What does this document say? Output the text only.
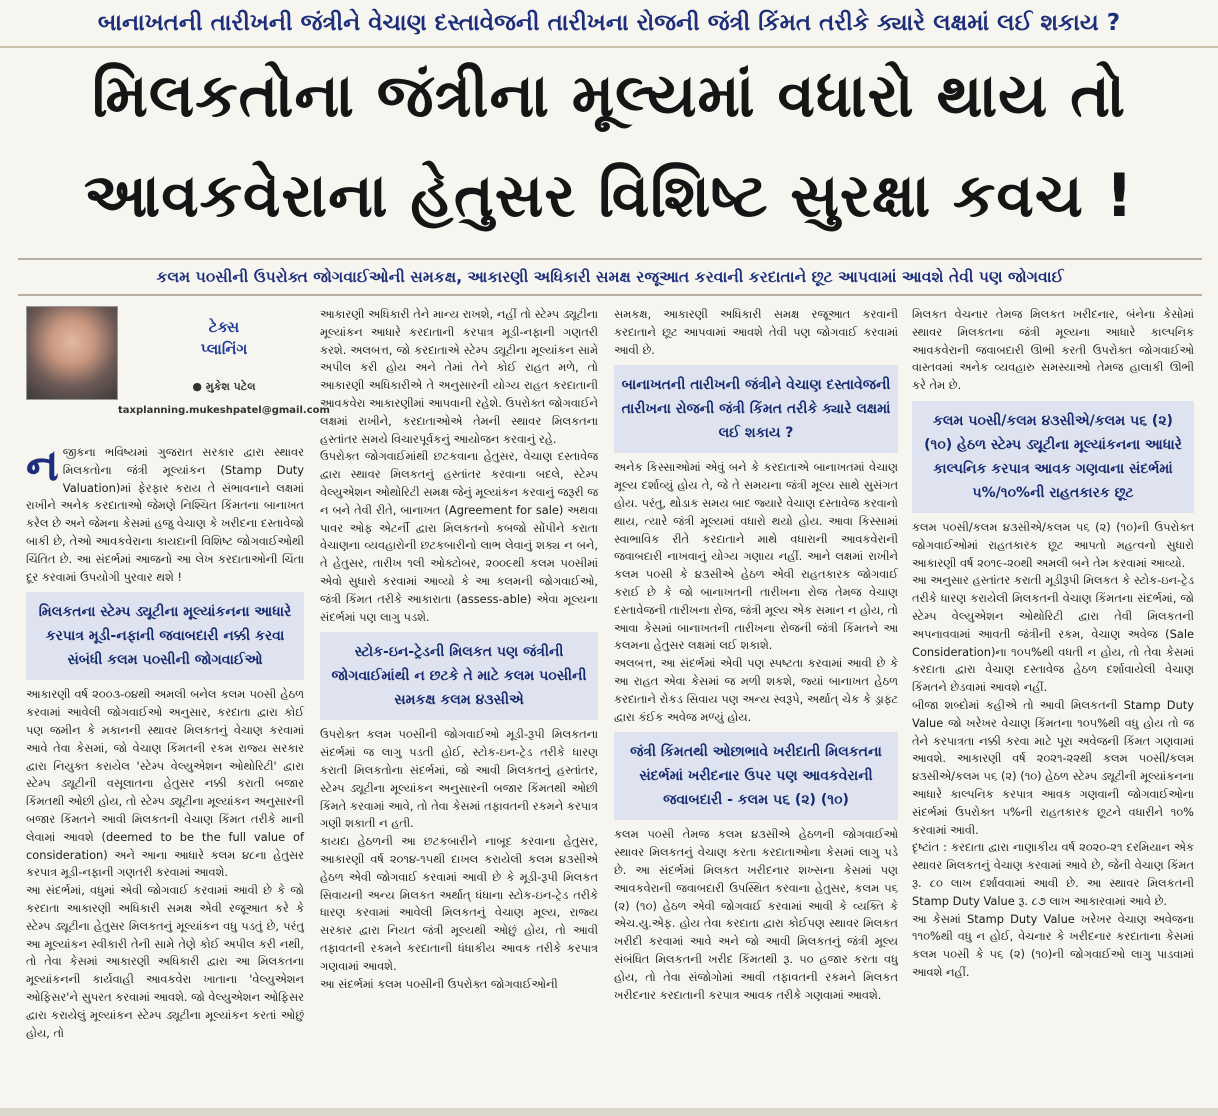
બાનાખતની તારીખની જંત્રીને વેચાણ દસ્તાવેજની તારીખના રોજની જંત્રી કિંમત તરીકે ક્યારે લક્ષમાં લઈ શકાય ?
મિલકતોના જંત્રીના મૂલ્યમાં વધારો થાય તો
આવકવેરાના હેતુસર વિશિષ્ટ સુરક્ષા કવચ !
કલમ ૫૦સીની ઉપરોક્ત જોગવાઈઓની સમકક્ષ, આકારણી અધિકારી સમક્ષ રજૂઆત કરવાની કરદાતાને છૂટ આપવામાં આવશે તેવી પણ જોગવાઈ
ટેક્સ
પ્લાનિંગ
● મુકેશ પટેલ
taxplanning.mukeshpatel@gmail.com

નજીકના ભવિષ્યમાં ગુજરાત સરકાર દ્વારા સ્થાવર મિલકતોના જંત્રી મૂલ્યાંકન (Stamp Duty Valuation)માં ફેરફાર કરાય તે સંભાવનાને લક્ષમાં રાખીને અનેક કરદાતાઓ જેમણે નિશ્ચિત કિંમતના બાનાખત કરેલ છે અને જેમના કેસમાં હજુ વેચાણ કે ખરીદના દસ્તાવેજો બાકી છે, તેઓ આવકવેરાના કાયદાની વિશિષ્ટ જોગવાઈઓથી ચિંતિત છે. આ સંદર્ભમાં આજનો આ લેખ કરદાતાઓની ચિંતા દૂર કરવામાં ઉપયોગી પુરવાર થશે !

મિલકતના સ્ટેમ્પ ડ્યૂટીના મૂલ્યાંકનના આધારે કરપાત્ર મૂડી-નફાની જવાબદારી નક્કી કરવા સંબંધી કલમ ૫૦સીની જોગવાઈઓ

આકારણી વર્ષ ૨૦૦૩-૦૪થી અમલી બનેલ કલમ ૫૦સી હેઠળ કરવામાં આવેલી જોગવાઈઓ અનુસાર, કરદાતા દ્વારા કોઈ પણ જમીન કે મકાનની સ્થાવર મિલકતનું વેચાણ કરવામાં આવે તેવા કેસમાં, જો વેચાણ કિંમતની રકમ રાજ્ય સરકાર દ્વારા નિયુક્ત કરાયેલ 'સ્ટેમ્પ વેલ્યુએશન ઓથોરિટી' દ્વારા સ્ટેમ્પ ડ્યૂટીની વસૂલાતના હેતુસર નક્કી કરાતી બજાર કિંમતથી ઓછી હોય, તો સ્ટેમ્પ ડ્યૂટીના મૂલ્યાંકન અનુસારની બજાર કિંમતને આવી મિલકતની વેચાણ કિંમત તરીકે માની લેવામાં આવશે (deemed to be the full value of consideration) અને આના આધારે કલમ ૪૮ના હેતુસર કરપાત્ર મૂડી-નફાની ગણતરી કરવામાં આવશે.

આ સંદર્ભમાં, વધુમાં એવી જોગવાઈ કરવામાં આવી છે કે જો કરદાતા આકારણી અધિકારી સમક્ષ એવી રજૂઆત કરે કે સ્ટેમ્પ ડ્યૂટીના હેતુસર મિલકતનું મૂલ્યાંકન વધુ પડતું છે, પરંતુ આ મૂલ્યાંકન સ્વીકારી તેની સામે તેણે કોઈ અપીલ કરી નથી, તો તેવા કેસમાં આકારણી અધિકારી દ્વારા આ મિલકતના મૂલ્યાંકનની કાર્યવાહી આવકવેરા ખાતાના 'વેલ્યુએશન ઓફિસર'ને સુપરત કરવામાં આવશે. જો વેલ્યુએશન ઓફિસર દ્વારા કરાયેલું મૂલ્યાંકન સ્ટેમ્પ ડ્યૂટીના મૂલ્યાંકન કરતાં ઓછું હોય, તો

આકારણી અધિકારી તેને માન્ય રાખશે, નહીં તો સ્ટેમ્પ ડ્યૂટીના મૂલ્યાંકન આધારે કરદાતાની કરપાત્ર મૂડી-નફાની ગણતરી કરશે. અલબત્ત, જો કરદાતાએ સ્ટેમ્પ ડ્યૂટીના મૂલ્યાંકન સામે અપીલ કરી હોય અને તેમાં તેને કોઈ રાહત મળે, તો આકારણી અધિકારીએ તે અનુસારની યોગ્ય રાહત કરદાતાની આવકવેરા આકારણીમાં આપવાની રહેશે. ઉપરોક્ત જોગવાઈને લક્ષમાં રાખીને, કરદાતાઓએ તેમની સ્થાવર મિલકતના હસ્તાંતર સમયે વિચારપૂર્વકનું આયોજન કરવાનું રહે.

ઉપરોક્ત જોગવાઈમાંથી છટકવાના હેતુસર, વેચાણ દસ્તાવેજ દ્વારા સ્થાવર મિલકતનું હસ્તાંતર કરવાના બદલે, સ્ટેમ્પ વેલ્યુએશન ઓથોરિટી સમક્ષ જેનું મૂલ્યાંકન કરવાનું જરૂરી જ ન બને તેવી રીતે, બાનાખત (Agreement for sale) અથવા પાવર ઓફ એટર્ની દ્વારા મિલકતનો કબજો સોંપીને કરાતા વેચાણના વ્યવહારોની છટકબારીનો લાભ લેવાનું શક્ય ન બને, તે હેતુસર, તારીખ ૧લી ઓક્ટોબર, ૨૦૦૯થી કલમ ૫૦સીમાં એવો સુધારો કરવામાં આવ્યો કે આ કલમની જોગવાઈઓ, જંત્રી કિંમત તરીકે આકારાતા (assess-able) એવા મૂલ્યના સંદર્ભમાં પણ લાગુ પડશે.

સ્ટોક-ઇન-ટ્રેડની મિલકત પણ જંત્રીની જોગવાઈમાંથી ન છટકે તે માટે કલમ ૫૦સીની સમકક્ષ કલમ ૪૩સીએ

ઉપરોક્ત કલમ ૫૦સીની જોગવાઈઓ મૂડી-રૂપી મિલકતના સંદર્ભમાં જ લાગુ પડતી હોઈ, સ્ટોક-ઇન-ટ્રેડ તરીકે ધારણ કરાતી મિલકતોના સંદર્ભમાં, જો આવી મિલકતનું હસ્તાંતર, સ્ટેમ્પ ડ્યૂટીના મૂલ્યાંકન અનુસારની બજાર કિંમતથી ઓછી કિંમતે કરવામાં આવે, તો તેવા કેસમાં તફાવતની રકમને કરપાત્ર ગણી શકાતી ન હતી.

કાયદા હેઠળની આ છટકબારીને નાબૂદ કરવાના હેતુસર, આકારણી વર્ષ ૨૦૧૪-૧૫થી દાખલ કરાયેલી કલમ ૪૩સીએ હેઠળ એવી જોગવાઈ કરવામાં આવી છે કે મૂડી-રૂપી મિલકત સિવાયની અન્ય મિલકત અર્થાત્ ધંધાના સ્ટોક-ઇન-ટ્રેડ તરીકે ધારણ કરવામાં આવેલી મિલકતનું વેચાણ મૂલ્ય, રાજ્ય સરકાર દ્વારા નિયત જંત્રી મૂલ્યથી ઓછું હોય, તો આવી તફાવતની રકમને કરદાતાની ધંધાકીય આવક તરીકે કરપાત્ર ગણવામાં આવશે.

આ સંદર્ભમાં કલમ ૫૦સીની ઉપરોક્ત જોગવાઈઓની

સમકક્ષ, આકારણી અધિકારી સમક્ષ રજૂઆત કરવાની કરદાતાને છૂટ આપવામાં આવશે તેવી પણ જોગવાઈ કરવામાં આવી છે.

બાનાખતની તારીખની જંત્રીને વેચાણ દસ્તાવેજની તારીખના રોજની જંત્રી કિંમત તરીકે ક્યારે લક્ષમાં લઈ શકાય ?

અનેક કિસ્સાઓમાં એવું બને કે કરદાતાએ બાનાખતમાં વેચાણ મૂલ્ય દર્શાવ્યું હોય તે, જે તે સમયના જંત્રી મૂલ્ય સાથે સુસંગત હોય. પરંતુ, થોડાક સમય બાદ જ્યારે વેચાણ દસ્તાવેજ કરવાનો થાય, ત્યારે જંત્રી મૂલ્યમાં વધારો થયો હોય. આવા કિસ્સામાં સ્વાભાવિક રીતે કરદાતાને માથે વધારાની આવકવેરાની જવાબદારી નાખવાનું યોગ્ય ગણાય નહીં. આને લક્ષમાં રાખીને કલમ ૫૦સી કે ૪૩સીએ હેઠળ એવી રાહતકારક જોગવાઈ કરાઈ છે કે જો બાનાખતની તારીખના રોજ તેમજ વેચાણ દસ્તાવેજની તારીખના રોજ, જંત્રી મૂલ્ય એક સમાન ન હોય, તો આવા કેસમાં બાનાખતની તારીખના રોજની જંત્રી કિંમતને આ કલમના હેતુસર લક્ષમાં લઈ શકાશે.

અલબત્ત, આ સંદર્ભમાં એવી પણ સ્પષ્ટતા કરવામાં આવી છે કે આ રાહત એવા કેસમાં જ મળી શકશે, જ્યાં બાનાખત હેઠળ કરદાતાને રોકડ સિવાય પણ અન્ય સ્વરૂપે, અર્થાત્ ચેક કે ડ્રાફ્ટ દ્વારા કંઈક અવેજ મળ્યું હોય.

જંત્રી કિંમતથી ઓછાભાવે ખરીદાતી મિલકતના સંદર્ભમાં ખરીદનાર ઉપર પણ આવકવેરાની જવાબદારી - કલમ ૫૬ (૨) (૧૦)

કલમ ૫૦સી તેમજ કલમ ૪૩સીએ હેઠળની જોગવાઈઓ સ્થાવર મિલકતનું વેચાણ કરતા કરદાતાઓના કેસમાં લાગુ પડે છે. આ સંદર્ભમાં મિલકત ખરીદનાર શખ્સના કેસમાં પણ આવકવેરાની જવાબદારી ઉપસ્થિત કરવાના હેતુસર, કલમ ૫૬ (૨) (૧૦) હેઠળ એવી જોગવાઈ કરવામાં આવી કે વ્યક્તિ કે એચ.યુ.એફ. હોય તેવા કરદાતા દ્વારા કોઈપણ સ્થાવર મિલકત ખરીદી કરવામાં આવે અને જો આવી મિલકતનું જંત્રી મૂલ્ય સંબંધિત મિલકતની ખરીદ કિંમતથી રૂ. ૫૦ હજાર કરતા વધુ હોય, તો તેવા સંજોગોમાં આવી તફાવતની રકમને મિલકત ખરીદનાર કરદાતાની કરપાત્ર આવક તરીકે ગણવામાં આવશે.

મિલકત વેચનાર તેમજ મિલકત ખરીદનાર, બંનેના કેસોમાં સ્થાવર મિલકતના જંત્રી મૂલ્યના આધારે કાલ્પનિક આવકવેરાની જવાબદારી ઊભી કરતી ઉપરોક્ત જોગવાઈઓ વાસ્તવમાં અનેક વ્યવહારુ સમસ્યાઓ તેમજ હાલાકી ઊભી કરે તેમ છે.

કલમ ૫૦સી/કલમ ૪૩સીએ/કલમ ૫૬ (૨) (૧૦) હેઠળ સ્ટેમ્પ ડ્યૂટીના મૂલ્યાંકનના આધારે કાલ્પનિક કરપાત્ર આવક ગણવાના સંદર્ભમાં ૫%/૧૦%ની રાહતકારક છૂટ

કલમ ૫૦સી/કલમ ૪૩સીએ/કલમ ૫૬ (૨) (૧૦)ની ઉપરોક્ત જોગવાઈઓમાં રાહતકારક છૂટ આપતો મહત્વનો સુધારો આકારણી વર્ષ ૨૦૧૯-૨૦થી અમલી બને તેમ કરવામાં આવ્યો.

આ અનુસાર હસ્તાંતર કરાતી મૂડીરૂપી મિલકત કે સ્ટોક-ઇન-ટ્રેડ તરીકે ધારણ કરાયેલી મિલકતની વેચાણ કિંમતના સંદર્ભમાં, જો સ્ટેમ્પ વેલ્યુએશન ઓથોરિટી દ્વારા તેવી મિલકતની અપનાવવામાં આવતી જંત્રીની રકમ, વેચાણ અવેજ (Sale Consideration)ના ૧૦૫%થી વધતી ન હોય, તો તેવા કેસમાં કરદાતા દ્વારા વેચાણ દસ્તાવેજ હેઠળ દર્શાવાયેલી વેચાણ કિંમતને છેડવામાં આવશે નહીં.

બીજા શબ્દોમાં કહીએ તો આવી મિલકતની Stamp Duty Value જો ખરેખર વેચાણ કિંમતના ૧૦૫%થી વધુ હોય તો જ તેને કરપાત્રતા નક્કી કરવા માટે પૂરા અવેજની કિંમત ગણવામાં આવશે. આકારણી વર્ષ ૨૦૨૧-૨૨થી કલમ ૫૦સી/કલમ ૪૩સીએ/કલમ ૫૬ (૨) (૧૦) હેઠળ સ્ટેમ્પ ડ્યૂટીની મૂલ્યાંકનના આધારે કાલ્પનિક કરપાત્ર આવક ગણવાની જોગવાઈઓના સંદર્ભમાં ઉપરોક્ત ૫%ની રાહતકારક છૂટને વધારીને ૧૦% કરવામાં આવી.

દૃષ્ટાંત : કરદાતા દ્વારા નાણાકીય વર્ષ ૨૦૨૦-૨૧ દરમિયાન એક સ્થાવર મિલકતનું વેચાણ કરવામાં આવે છે, જેની વેચાણ કિંમત રૂ. ૮૦ લાખ દર્શાવવામાં આવી છે. આ સ્થાવર મિલકતની Stamp Duty Value રૂ. ૮૭ લાખ આકારવામાં આવે છે.

આ કેસમાં Stamp Duty Value ખરેખર વેચાણ અવેજના ૧૧૦%થી વધુ ન હોઈ, વેચનાર કે ખરીદનાર કરદાતાના કેસમાં કલમ ૫૦સી કે ૫૬ (૨) (૧૦)ની જોગવાઈઓ લાગુ પાડવામાં આવશે નહીં.
